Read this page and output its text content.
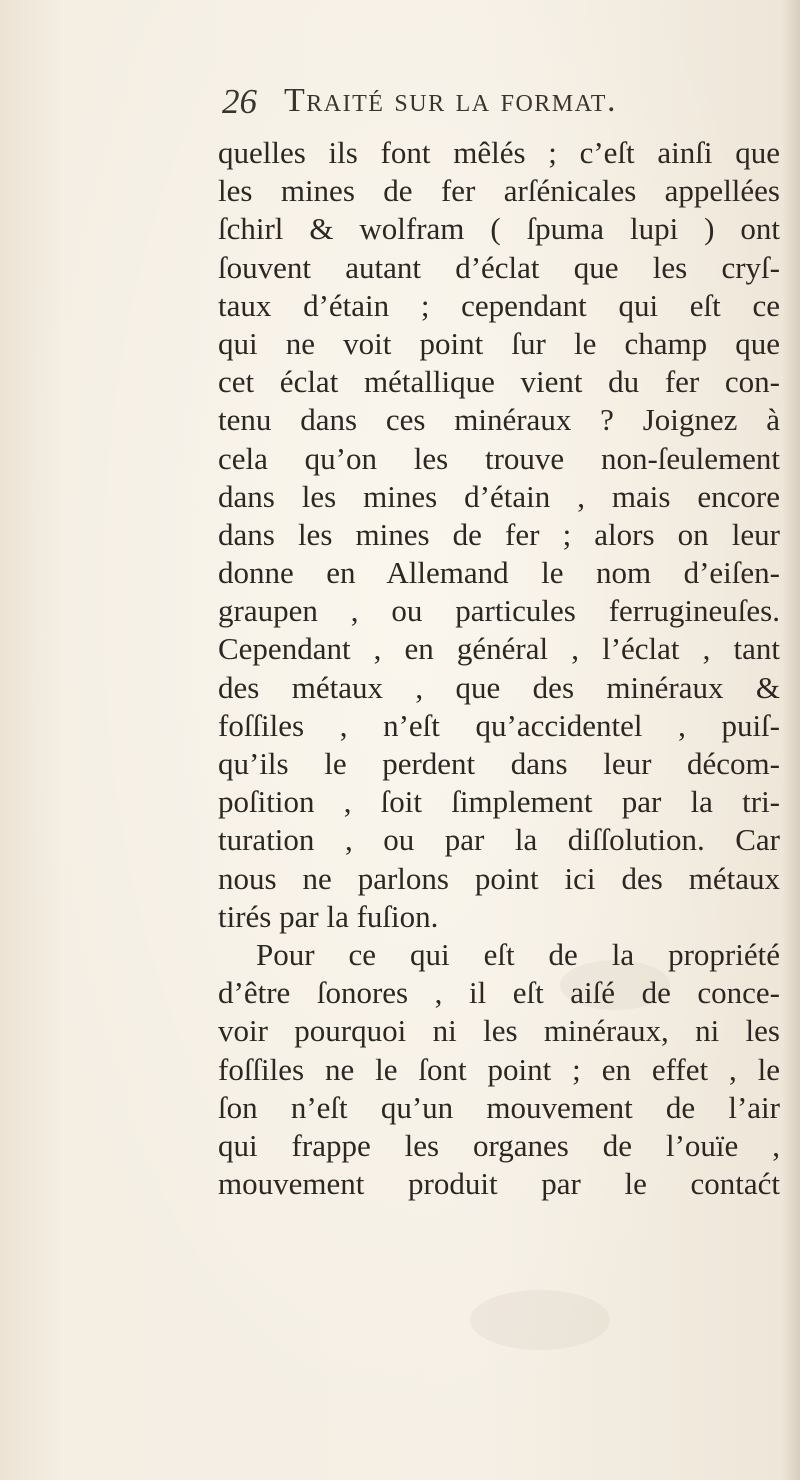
26 Traité sur la format.
quelles ils font mêlés ; c’eſt ainſi que
les mines de fer arſénicales appellées
ſchirl & wolfram ( ſpuma lupi ) ont
ſouvent autant d’éclat que les cryſ-
taux d’étain ; cependant qui eſt ce
qui ne voit point ſur le champ que
cet éclat métallique vient du fer con-
tenu dans ces minéraux ? Joignez à
cela qu’on les trouve non-ſeulement
dans les mines d’étain , mais encore
dans les mines de fer ; alors on leur
donne en Allemand le nom d’eiſen-
graupen , ou particules ferrugineuſes.
Cependant , en général , l’éclat , tant
des métaux , que des minéraux &
foſſiles , n’eſt qu’accidentel , puiſ-
qu’ils le perdent dans leur décom-
poſition , ſoit ſimplement par la tri-
turation , ou par la diſſolution. Car
nous ne parlons point ici des métaux
tirés par la fuſion.
Pour ce qui eſt de la propriété
d’être ſonores , il eſt aiſé de conce-
voir pourquoi ni les minéraux, ni les
foſſiles ne le ſont point ; en effet , le
ſon n’eſt qu’un mouvement de l’air
qui frappe les organes de l’ouïe ,
mouvement produit par le contaćt
